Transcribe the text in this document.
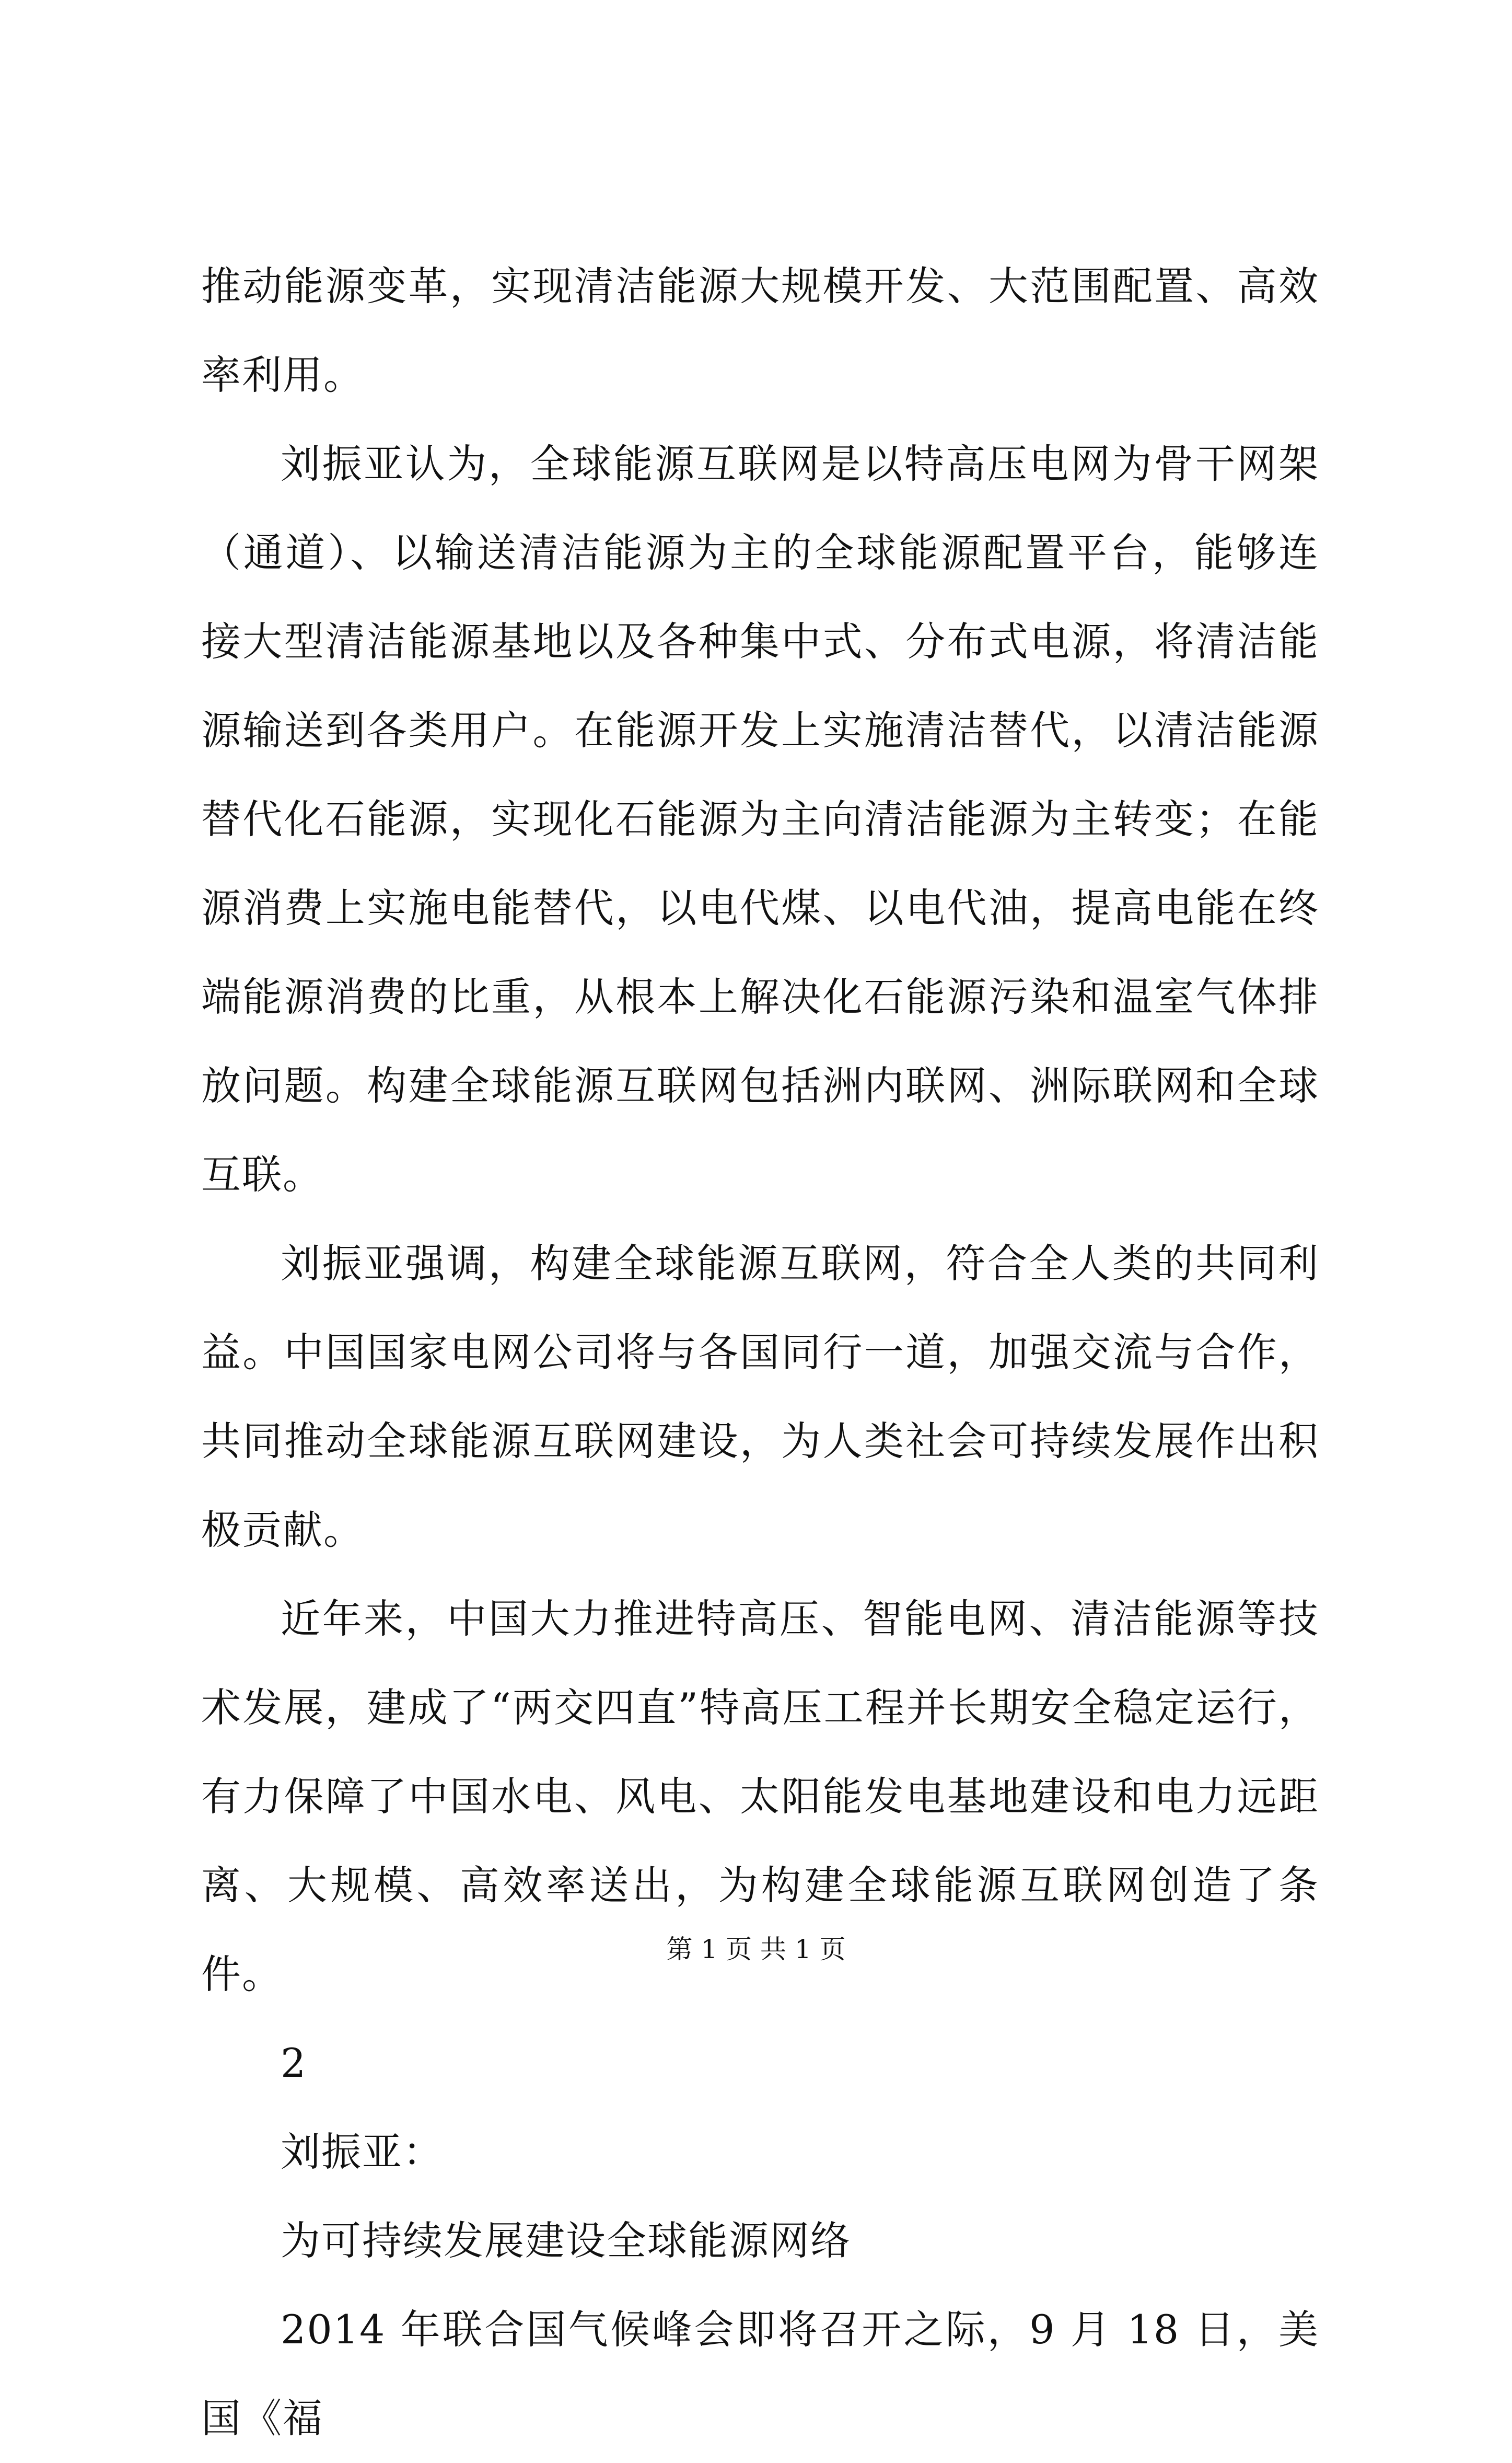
推动能源变革，实现清洁能源大规模开发、大范围配置、高效率利用。

刘振亚认为，全球能源互联网是以特高压电网为骨干网架（通道）、以输送清洁能源为主的全球能源配置平台，能够连接大型清洁能源基地以及各种集中式、分布式电源，将清洁能源输送到各类用户。在能源开发上实施清洁替代，以清洁能源替代化石能源，实现化石能源为主向清洁能源为主转变；在能源消费上实施电能替代，以电代煤、以电代油，提高电能在终端能源消费的比重，从根本上解决化石能源污染和温室气体排放问题。构建全球能源互联网包括洲内联网、洲际联网和全球互联。

刘振亚强调，构建全球能源互联网，符合全人类的共同利益。中国国家电网公司将与各国同行一道，加强交流与合作，共同推动全球能源互联网建设，为人类社会可持续发展作出积极贡献。

近年来，中国大力推进特高压、智能电网、清洁能源等技术发展，建成了“两交四直”特高压工程并长期安全稳定运行，有力保障了中国水电、风电、太阳能发电基地建设和电力远距离、大规模、高效率送出，为构建全球能源互联网创造了条件。

2

刘振亚：

为可持续发展建设全球能源网络

2014 年联合国气候峰会即将召开之际，9 月 18 日，美国《福

第 1 页 共 1 页
